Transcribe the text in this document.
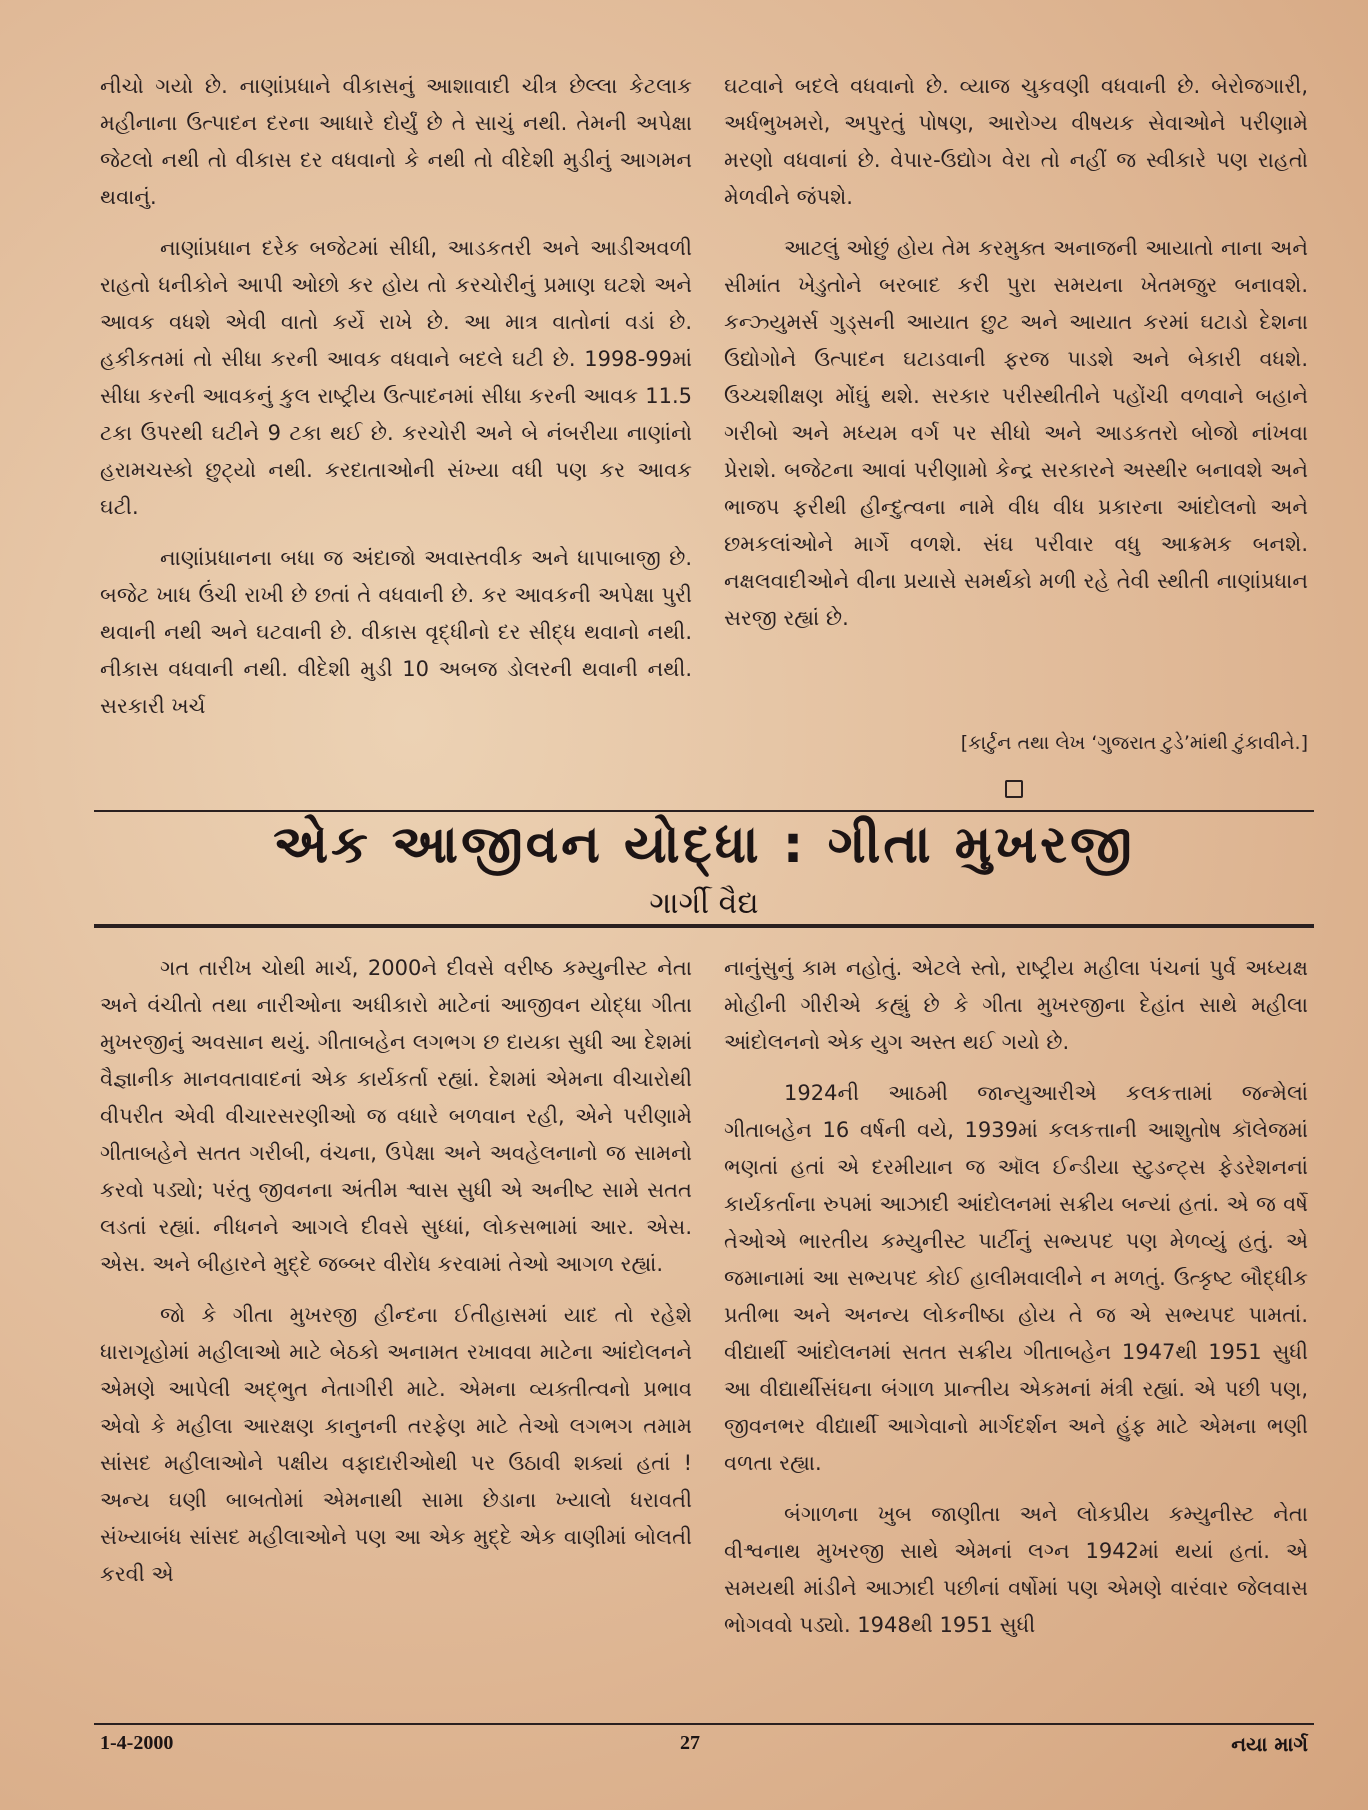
નીચો ગયો છે. નાણાંપ્રધાને વીકાસનું આશાવાદી ચીત્ર છેલ્લા કેટલાક મહીનાના ઉત્પાદન દરના આધારે દોર્યું છે તે સાચું નથી. તેમની અપેક્ષા જેટલો નથી તો વીકાસ દર વધવાનો કે નથી તો વીદેશી મુડીનું આગમન થવાનું.

નાણાંપ્રધાન દરેક બજેટમાં સીધી, આડકતરી અને આડીઅવળી રાહતો ધનીકોને આપી ઓછો કર હોય તો કરચોરીનું પ્રમાણ ઘટશે અને આવક વધશે એવી વાતો કર્યે રાખે છે. આ માત્ર વાતોનાં વડાં છે. હકીકતમાં તો સીધા કરની આવક વધવાને બદલે ઘટી છે. 1998-99માં સીધા કરની આવકનું કુલ રાષ્ટ્રીય ઉત્પાદનમાં સીધા કરની આવક 11.5 ટકા ઉપરથી ઘટીને 9 ટકા થઈ છે. કરચોરી અને બે નંબરીયા નાણાંનો હરામચસ્કો છુટ્યો નથી. કરદાતાઓની સંખ્યા વધી પણ કર આવક ઘટી.

નાણાંપ્રધાનના બધા જ અંદાજો અવાસ્તવીક અને ધાપાબાજી છે. બજેટ ખાધ ઉંચી રાખી છે છતાં તે વધવાની છે. કર આવકની અપેક્ષા પુરી થવાની નથી અને ઘટવાની છે. વીકાસ વૃદ્ધીનો દર સીદ્ધ થવાનો નથી. નીકાસ વધવાની નથી. વીદેશી મુડી 10 અબજ ડોલરની થવાની નથી. સરકારી ખર્ચ

ઘટવાને બદલે વધવાનો છે. વ્યાજ ચુકવણી વધવાની છે. બેરોજગારી, અર્ધભુખમરો, અપુરતું પોષણ, આરોગ્ય વીષયક સેવાઓને પરીણામે મરણો વધવાનાં છે. વેપાર-ઉદ્યોગ વેરા તો નહીં જ સ્વીકારે પણ રાહતો મેળવીને જંપશે.

આટલું ઓછું હોય તેમ કરમુક્ત અનાજની આયાતો નાના અને સીમાંત ખેડુતોને બરબાદ કરી પુરા સમયના ખેતમજુર બનાવશે. કન્ઝ્યુમર્સ ગુડ્સની આયાત છુટ અને આયાત કરમાં ઘટાડો દેશના ઉદ્યોગોને ઉત્પાદન ઘટાડવાની ફરજ પાડશે અને બેકારી વધશે. ઉચ્ચશીક્ષણ મોંઘું થશે. સરકાર પરીસ્થીતીને પહોંચી વળવાને બહાને ગરીબો અને મધ્યમ વર્ગ પર સીધો અને આડકતરો બોજો નાંખવા પ્રેરાશે. બજેટના આવાં પરીણામો કેન્દ્ર સરકારને અસ્થીર બનાવશે અને ભાજપ ફરીથી હીન્દુત્વના નામે વીધ વીધ પ્રકારના આંદોલનો અને છમકલાંઓને માર્ગે વળશે. સંઘ પરીવાર વધુ આક્રમક બનશે. નક્ષલવાદીઓને વીના પ્રયાસે સમર્થકો મળી રહે તેવી સ્થીતી નાણાંપ્રધાન સરજી રહ્યાં છે.

[કાર્ટુન તથા લેખ ‘ગુજરાત ટુડે’માંથી ટુંકાવીને.]
એક આજીવન યોદ્ધા : ગીતા મુખરજી
ગાર્ગી વૈદ્ય

ગત તારીખ ચોથી માર્ચ, 2000ને દીવસે વરીષ્ઠ કમ્યુનીસ્ટ નેતા અને વંચીતો તથા નારીઓના અધીકારો માટેનાં આજીવન યોદ્ધા ગીતા મુખરજીનું અવસાન થયું. ગીતાબહેન લગભગ છ દાયકા સુધી આ દેશમાં વૈજ્ઞાનીક માનવતાવાદનાં એક કાર્યકર્તા રહ્યાં. દેશમાં એમના વીચારોથી વીપરીત એવી વીચારસરણીઓ જ વધારે બળવાન રહી, એને પરીણામે ગીતાબહેને સતત ગરીબી, વંચના, ઉપેક્ષા અને અવહેલનાનો જ સામનો કરવો પડ્યો; પરંતુ જીવનના અંતીમ શ્વાસ સુધી એ અનીષ્ટ સામે સતત લડતાં રહ્યાં. નીધનને આગલે દીવસે સુધ્ધાં, લોકસભામાં આર. એસ. એસ. અને બીહારને મુદ્દે જબ્બર વીરોધ કરવામાં તેઓ આગળ રહ્યાં.

જો કે ગીતા મુખરજી હીન્દના ઈતીહાસમાં યાદ તો રહેશે ધારાગૃહોમાં મહીલાઓ માટે બેઠકો અનામત રખાવવા માટેના આંદોલનને એમણે આપેલી અદ્ભુત નેતાગીરી માટે. એમના વ્યક્તીત્વનો પ્રભાવ એવો કે મહીલા આરક્ષણ કાનુનની તરફેણ માટે તેઓ લગભગ તમામ સાંસદ મહીલાઓને પક્ષીય વફાદારીઓથી પર ઉઠાવી શક્યાં હતાં ! અન્ય ઘણી બાબતોમાં એમનાથી સામા છેડાના ખ્યાલો ધરાવતી સંખ્યાબંધ સાંસદ મહીલાઓને પણ આ એક મુદ્દે એક વાણીમાં બોલતી કરવી એ

નાનુંસુનું કામ નહોતું. એટલે સ્તો, રાષ્ટ્રીય મહીલા પંચનાં પુર્વ અધ્યક્ષ મોહીની ગીરીએ કહ્યું છે કે ગીતા મુખરજીના દેહાંત સાથે મહીલા આંદોલનનો એક યુગ અસ્ત થઈ ગયો છે.

1924ની આઠમી જાન્યુઆરીએ કલકત્તામાં જન્મેલાં ગીતાબહેન 16 વર્ષની વયે, 1939માં કલકત્તાની આશુતોષ કૉલેજમાં ભણતાં હતાં એ દરમીયાન જ ઑલ ઈન્ડીયા સ્ટુડન્ટ્સ ફેડરેશનનાં કાર્યકર્તાના રુપમાં આઝાદી આંદોલનમાં સક્રીય બન્યાં હતાં. એ જ વર્ષે તેઓએ ભારતીય કમ્યુનીસ્ટ પાર્ટીનું સભ્યપદ પણ મેળવ્યું હતું. એ જમાનામાં આ સભ્યપદ કોઈ હાલીમવાલીને ન મળતું. ઉત્કૃષ્ટ બૌદ્ધીક પ્રતીભા અને અનન્ય લોકનીષ્ઠા હોય તે જ એ સભ્યપદ પામતાં. વીદ્યાર્થી આંદોલનમાં સતત સક્રીય ગીતાબહેન 1947થી 1951 સુધી આ વીદ્યાર્થીસંઘના બંગાળ પ્રાન્તીય એકમનાં મંત્રી રહ્યાં. એ પછી પણ, જીવનભર વીદ્યાર્થી આગેવાનો માર્ગદર્શન અને હુંફ માટે એમના ભણી વળતા રહ્યા.

બંગાળના ખુબ જાણીતા અને લોકપ્રીય કમ્યુનીસ્ટ નેતા વીશ્વનાથ મુખરજી સાથે એમનાં લગ્ન 1942માં થયાં હતાં. એ સમયથી માંડીને આઝાદી પછીનાં વર્ષોમાં પણ એમણે વારંવાર જેલવાસ ભોગવવો પડ્યો. 1948થી 1951 સુધી

1-4-2000	27	નયા માર્ગ
